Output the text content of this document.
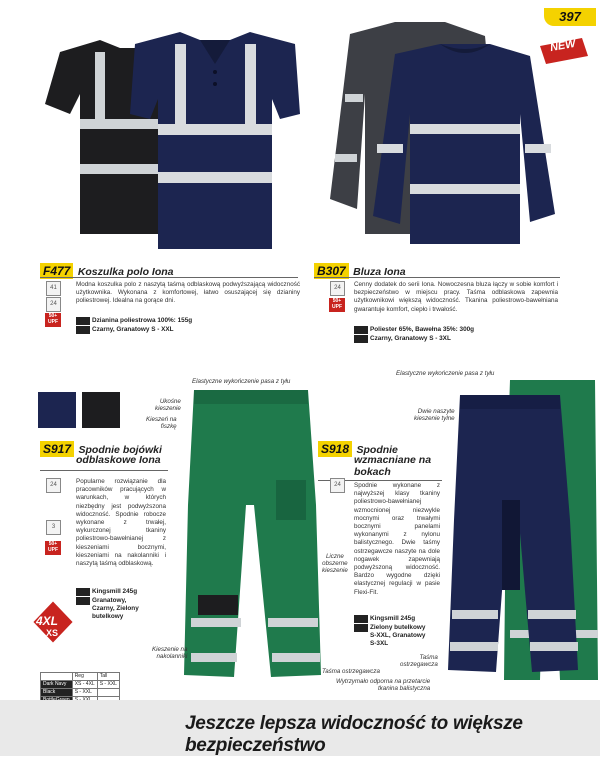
397
NEW
F477 Koszulka polo Iona
41
24
50+ UPF
Modna koszulka polo z naszytą taśmą odblaskową podwyższającą widoczność użytkownika. Wykonana z komfortowej, łatwo osuszającej się dzianiny poliestrowej. Idealna na gorące dni.
Dzianina poliestrowa 100%: 155g
Czarny, Granatowy S - XXL
B307 Bluza Iona
24
50+ UPF
Cenny dodatek do serii Iona. Nowoczesna bluza łączy w sobie komfort i bezpieczeństwo w miejscu pracy. Taśma odblaskowa zapewnia użytkownikowi większą widoczność. Tkanina poliestrowo-bawełniana gwarantuje komfort, ciepło i trwałość.
Poliester 65%, Bawełna 35%: 300g
Czarny, Granatowy S - 3XL
S917 Spodnie bojówki
odblaskowe Iona
24
3
50+ UPF
Popularne rozwiązanie dla pracowników pracujących w warunkach, w których niezbędny jest podwyższona widoczność. Spodnie robocze wykonane z trwałej, wykurczonej tkaniny poliestrowo-bawełnianej z kieszeniami bocznymi, kieszeniami na nakolanniki i naszytą taśmą odblaskową.
Kingsmill 245g
Granatowy,
Czarny, Zielony
butelkowy
4XL
XS
	Reg	Tall
Dark Navy	XS - 4XL	S - XXL
Black	S - XXL	

Elastyczne wykończenie pasa z tyłu
Ukośne
kieszenie
Kieszeń na
fiszkę
Liczne
obszerne
kieszenie
Kieszenie na
nakolanniki
Taśma ostrzegawcza
S918 Spodnie
wzmacniane na
bokach
24	Spodnie wykonane z najwyższej klasy tkaniny poliestrowo-bawełnianej wzmocnionej niezwykle mocnymi oraz trwałymi bocznymi panelami wykonanymi z nylonu balistycznego. Dwie taśmy ostrzegawcze naszyte na dole nogawek zapewniają podwyższoną widoczność. Bardzo wygodne dzięki elastycznej regulacji w pasie Flexi-Fit.
Kingsmill 245g
Zielony butelkowy
S-XXL, Granatowy
S-3XL
Elastyczne wykończenie pasa z tyłu
Dwie naszyte
kieszenie tylne
Taśma
ostrzegawcza
Wytrzymało odporna na przetarcie
tkanina balistyczna
Jeszcze lepsza widoczność to większe bezpieczeństwo
